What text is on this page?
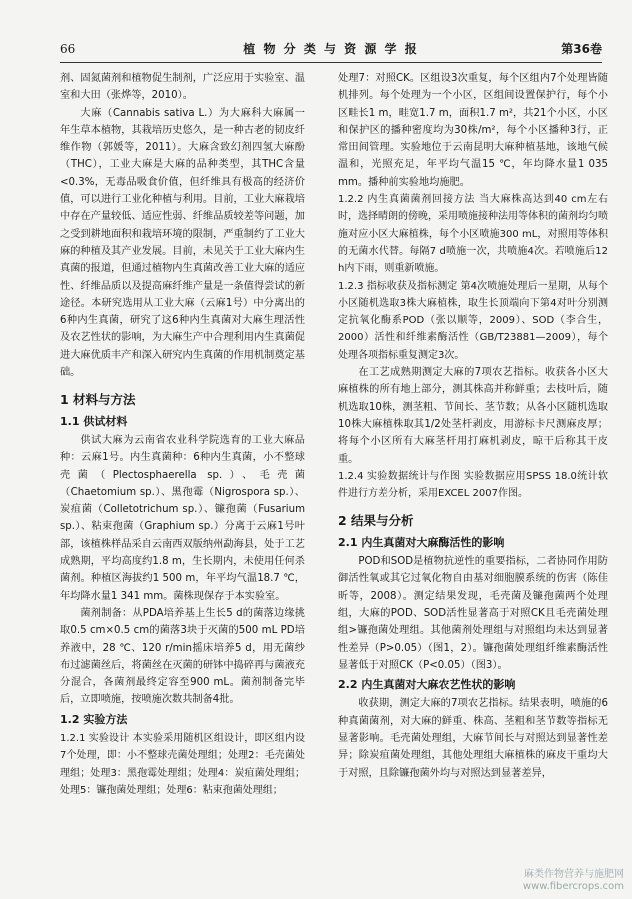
66	植 物 分 类 与 资 源 学 报	第36卷

剂、固氮菌剂和植物促生制剂，广泛应用于实验室、温室和大田（张烨等，2010）。

大麻（Cannabis sativa L.）为大麻科大麻属一年生草本植物，其栽培历史悠久，是一种古老的韧皮纤维作物（郭媛等，2011）。大麻含致幻剂四氢大麻酚（THC），工业大麻是大麻的品种类型，其THC含量<0.3%，无毒品吸食价值，但纤维具有极高的经济价值，可以进行工业化种植与利用。目前，工业大麻栽培中存在产量较低、适应性弱、纤维品质较差等问题，加之受到耕地面积和栽培环境的限制，严重制约了工业大麻的种植及其产业发展。目前，未见关于工业大麻内生真菌的报道，但通过植物内生真菌改善工业大麻的适应性、纤维品质以及提高麻纤维产量是一条值得尝试的新途径。本研究选用从工业大麻（云麻1号）中分离出的6种内生真菌，研究了这6种内生真菌对大麻生理活性及农艺性状的影响，为大麻生产中合理利用内生真菌促进大麻优质丰产和深入研究内生真菌的作用机制奠定基础。

1 材料与方法
1.1 供试材料

供试大麻为云南省农业科学院选育的工业大麻品种：云麻1号。内生真菌种：6种内生真菌，小不整球壳菌（Plectosphaerella sp.）、毛壳菌（Chaetomium sp.）、黑孢霉（Nigrospora sp.）、炭疽菌（Colletotrichum sp.）、镰孢菌（Fusarium sp.）、粘束孢菌（Graphium sp.）分离于云麻1号叶部，该植株样品采自云南西双版纳州勐海县，处于工艺成熟期，平均高度约1.8 m，生长期内，未使用任何杀菌剂。种植区海拔约1 500 m，年平均气温18.7 ℃，年均降水量1 341 mm。菌株现保存于本实验室。

菌剂制备：从PDA培养基上生长5 d的菌落边缘挑取0.5 cm×0.5 cm的菌落3块于灭菌的500 mL PD培养液中，28 ℃、120 r/min摇床培养5 d，用无菌纱布过滤菌丝后，将菌丝在灭菌的研钵中捣碎再与菌液充分混合，各菌剂最终定容至900 mL。菌剂制备完毕后，立即喷施，按喷施次数共制备4批。

1.2 实验方法

1.2.1 实验设计 本实验采用随机区组设计，即区组内设7个处理，即：小不整球壳菌处理组；处理2：毛壳菌处理组；处理3：黑孢霉处理组；处理4：炭疽菌处理组；处理5：镰孢菌处理组；处理6：粘束孢菌处理组；

处理7：对照CK。区组设3次重复，每个区组内7个处理皆随机排列。每个处理为一个小区，区组间设置保护行，每个小区畦长1 m，畦宽1.7 m，面积1.7 m²，共21个小区，小区和保护区的播种密度均为30株/m²，每个小区播种3行，正常田间管理。实验地位于云南昆明大麻种植基地，该地气候温和，光照充足，年平均气温15 ℃，年均降水量1 035 mm。播种前实验地均施肥。

1.2.2 内生真菌菌剂回接方法 当大麻株高达到40 cm左右时，选择晴朗的傍晚，采用喷施接种法用等体积的菌剂均匀喷施对应小区大麻植株，每个小区喷施300 mL，对照用等体积的无菌水代替。每隔7 d喷施一次，共喷施4次。若喷施后12 h内下雨，则重新喷施。

1.2.3 指标收获及指标测定 第4次喷施处理后一星期，从每个小区随机选取3株大麻植株，取生长顶端向下第4对叶分别测定抗氧化酶系POD（张以顺等，2009）、SOD（李合生，2000）活性和纤维素酶活性（GB/T23881—2009），每个处理各项指标重复测定3次。

在工艺成熟期测定大麻的7项农艺指标。收获各小区大麻植株的所有地上部分，测其株高并称鲜重；去枝叶后，随机选取10株，测茎粗、节间长、茎节数；从各小区随机选取10株大麻植株取其1/2处茎杆剥皮，用游标卡尺测麻皮厚；将每个小区所有大麻茎杆用打麻机剥皮，晾干后称其干皮重。

1.2.4 实验数据统计与作图 实验数据应用SPSS 18.0统计软件进行方差分析，采用EXCEL 2007作图。

2 结果与分析
2.1 内生真菌对大麻酶活性的影响

POD和SOD是植物抗逆性的重要指标，二者协同作用防御活性氧或其它过氧化物自由基对细胞膜系统的伤害（陈佳昕等，2008）。测定结果发现，毛壳菌及镰孢菌两个处理组，大麻的POD、SOD活性显著高于对照CK且毛壳菌处理组>镰孢菌处理组。其他菌剂处理组与对照组均未达到显著性差异（P>0.05）（图1，2）。镰孢菌处理组纤维素酶活性显著低于对照CK（P<0.05）（图3）。

2.2 内生真菌对大麻农艺性状的影响

收获期，测定大麻的7项农艺指标。结果表明，喷施的6种真菌菌剂，对大麻的鲜重、株高、茎粗和茎节数等指标无显著影响。毛壳菌处理组，大麻节间长与对照达到显著性差异；除炭疽菌处理组，其他处理组大麻植株的麻皮干重均大于对照，且除镰孢菌外均与对照达到显著差异，

麻类作物营养与施肥网
www.fibercrops.com
